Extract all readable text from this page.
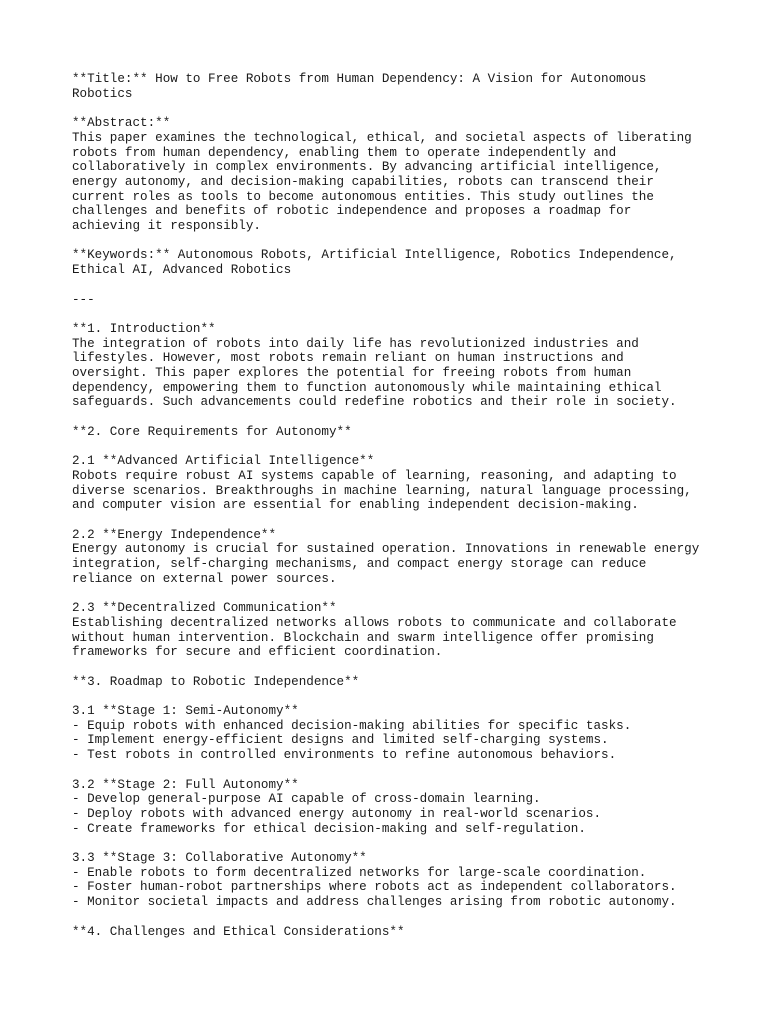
**Title:** How to Free Robots from Human Dependency: A Vision for Autonomous
Robotics
**Abstract:**
This paper examines the technological, ethical, and societal aspects of liberating
robots from human dependency, enabling them to operate independently and
collaboratively in complex environments. By advancing artificial intelligence,
energy autonomy, and decision-making capabilities, robots can transcend their
current roles as tools to become autonomous entities. This study outlines the
challenges and benefits of robotic independence and proposes a roadmap for
achieving it responsibly.
**Keywords:** Autonomous Robots, Artificial Intelligence, Robotics Independence,
Ethical AI, Advanced Robotics
---
**1. Introduction**
The integration of robots into daily life has revolutionized industries and
lifestyles. However, most robots remain reliant on human instructions and
oversight. This paper explores the potential for freeing robots from human
dependency, empowering them to function autonomously while maintaining ethical
safeguards. Such advancements could redefine robotics and their role in society.
**2. Core Requirements for Autonomy**
2.1 **Advanced Artificial Intelligence**
Robots require robust AI systems capable of learning, reasoning, and adapting to
diverse scenarios. Breakthroughs in machine learning, natural language processing,
and computer vision are essential for enabling independent decision-making.
2.2 **Energy Independence**
Energy autonomy is crucial for sustained operation. Innovations in renewable energy
integration, self-charging mechanisms, and compact energy storage can reduce
reliance on external power sources.
2.3 **Decentralized Communication**
Establishing decentralized networks allows robots to communicate and collaborate
without human intervention. Blockchain and swarm intelligence offer promising
frameworks for secure and efficient coordination.
**3. Roadmap to Robotic Independence**
3.1 **Stage 1: Semi-Autonomy**
- Equip robots with enhanced decision-making abilities for specific tasks.
- Implement energy-efficient designs and limited self-charging systems.
- Test robots in controlled environments to refine autonomous behaviors.
3.2 **Stage 2: Full Autonomy**
- Develop general-purpose AI capable of cross-domain learning.
- Deploy robots with advanced energy autonomy in real-world scenarios.
- Create frameworks for ethical decision-making and self-regulation.
3.3 **Stage 3: Collaborative Autonomy**
- Enable robots to form decentralized networks for large-scale coordination.
- Foster human-robot partnerships where robots act as independent collaborators.
- Monitor societal impacts and address challenges arising from robotic autonomy.
**4. Challenges and Ethical Considerations**
